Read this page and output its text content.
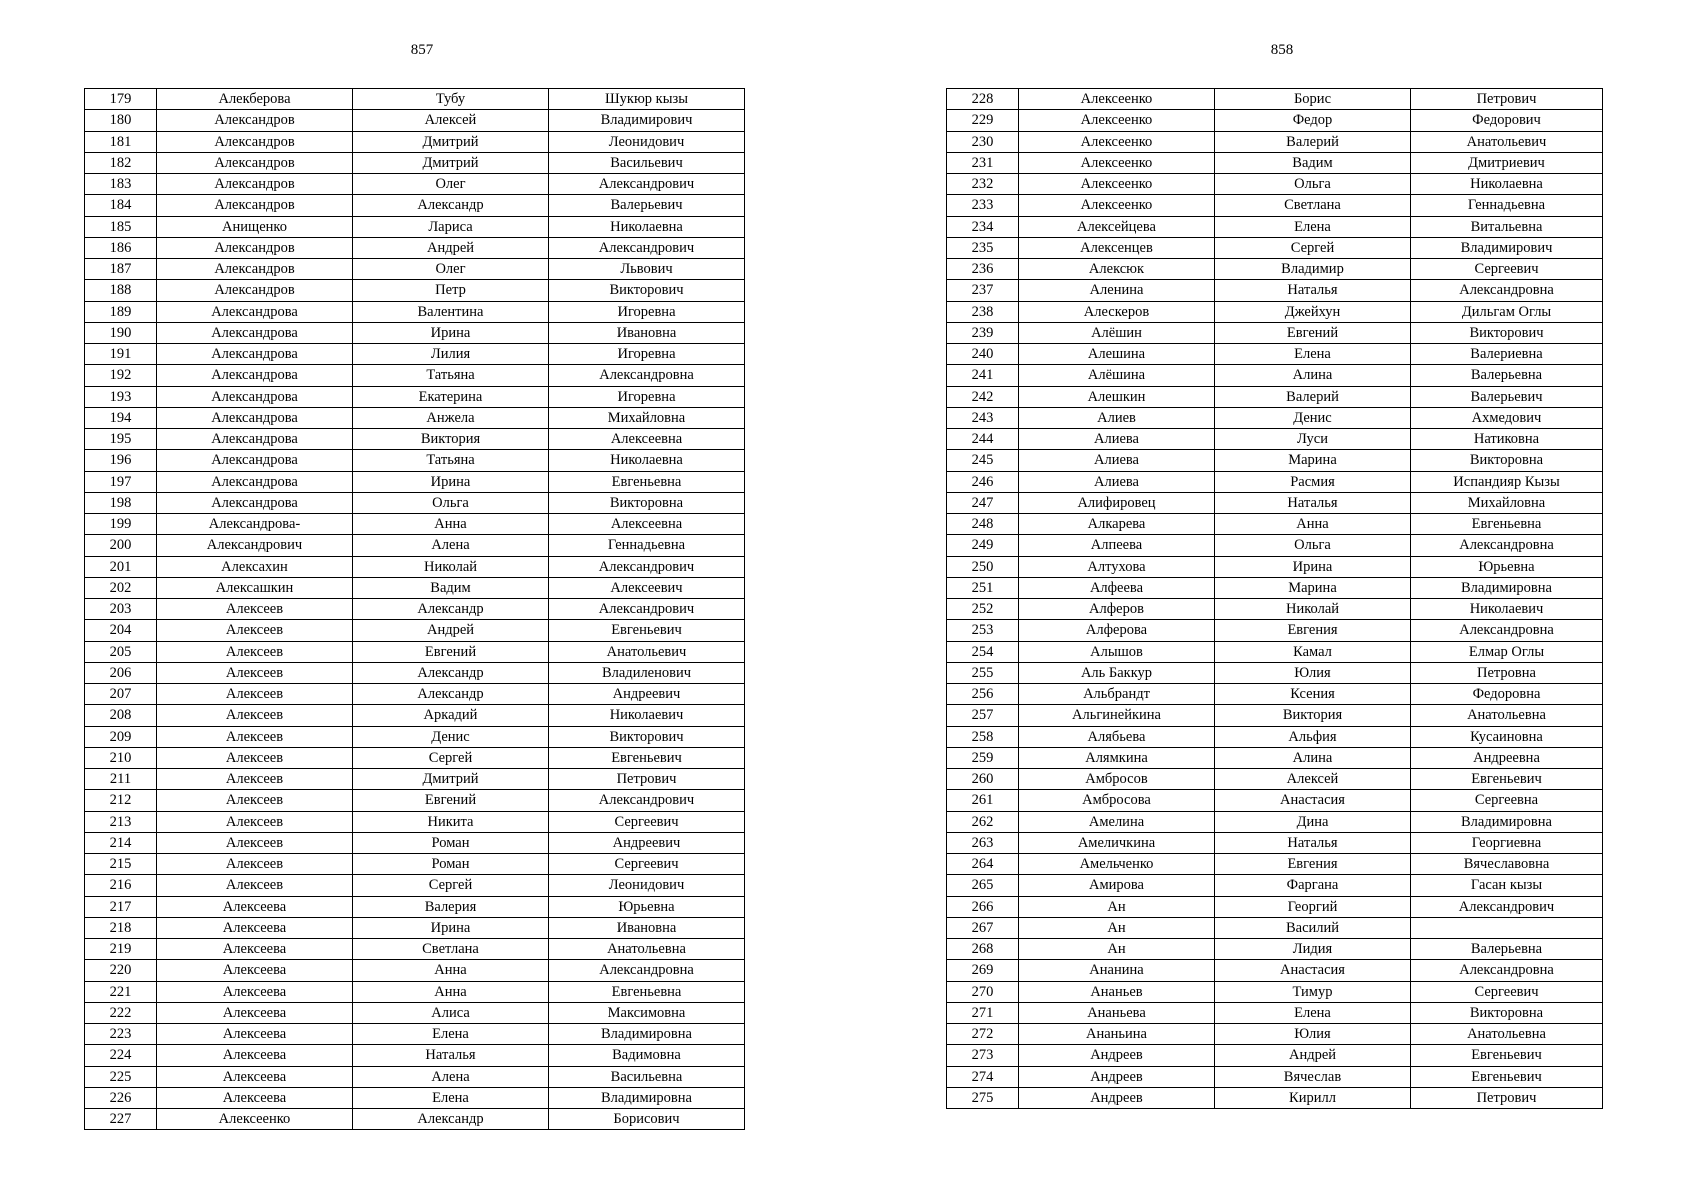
857	858
179	Алекберова	Тубу	Шукюр кызы
180	Александров	Алексей	Владимирович
181	Александров	Дмитрий	Леонидович
182	Александров	Дмитрий	Васильевич
183	Александров	Олег	Александрович
184	Александров	Александр	Валерьевич
185	Анищенко	Лариса	Николаевна
186	Александров	Андрей	Александрович
187	Александров	Олег	Львович
188	Александров	Петр	Викторович
189	Александрова	Валентина	Игоревна
190	Александрова	Ирина	Ивановна
191	Александрова	Лилия	Игоревна
192	Александрова	Татьяна	Александровна
193	Александрова	Екатерина	Игоревна
194	Александрова	Анжела	Михайловна
195	Александрова	Виктория	Алексеевна
196	Александрова	Татьяна	Николаевна
197	Александрова	Ирина	Евгеньевна
198	Александрова	Ольга	Викторовна
199	Александрова-	Анна	Алексеевна
200	Александрович	Алена	Геннадьевна
201	Алексахин	Николай	Александрович
202	Алексашкин	Вадим	Алексеевич
203	Алексеев	Александр	Александрович
204	Алексеев	Андрей	Евгеньевич
205	Алексеев	Евгений	Анатольевич
206	Алексеев	Александр	Владиленович
207	Алексеев	Александр	Андреевич
208	Алексеев	Аркадий	Николаевич
209	Алексеев	Денис	Викторович
210	Алексеев	Сергей	Евгеньевич
211	Алексеев	Дмитрий	Петрович
212	Алексеев	Евгений	Александрович
213	Алексеев	Никита	Сергеевич
214	Алексеев	Роман	Андреевич
215	Алексеев	Роман	Сергеевич
216	Алексеев	Сергей	Леонидович
217	Алексеева	Валерия	Юрьевна
218	Алексеева	Ирина	Ивановна
219	Алексеева	Светлана	Анатольевна
220	Алексеева	Анна	Александровна
221	Алексеева	Анна	Евгеньевна
222	Алексеева	Алиса	Максимовна
223	Алексеева	Елена	Владимировна
224	Алексеева	Наталья	Вадимовна
225	Алексеева	Алена	Васильевна
226	Алексеева	Елена	Владимировна
227	Алексеенко	Александр	Борисович
228	Алексеенко	Борис	Петрович
229	Алексеенко	Федор	Федорович
230	Алексеенко	Валерий	Анатольевич
231	Алексеенко	Вадим	Дмитриевич
232	Алексеенко	Ольга	Николаевна
233	Алексеенко	Светлана	Геннадьевна
234	Алексейцева	Елена	Витальевна
235	Алексенцев	Сергей	Владимирович
236	Алексюк	Владимир	Сергеевич
237	Аленина	Наталья	Александровна
238	Алескеров	Джейхун	Дильгам Оглы
239	Алёшин	Евгений	Викторович
240	Алешина	Елена	Валериевна
241	Алёшина	Алина	Валерьевна
242	Алешкин	Валерий	Валерьевич
243	Алиев	Денис	Ахмедович
244	Алиева	Луси	Натиковна
245	Алиева	Марина	Викторовна
246	Алиева	Расмия	Испандияр Кызы
247	Алифировец	Наталья	Михайловна
248	Алкарева	Анна	Евгеньевна
249	Алпеева	Ольга	Александровна
250	Алтухова	Ирина	Юрьевна
251	Алфеева	Марина	Владимировна
252	Алферов	Николай	Николаевич
253	Алферова	Евгения	Александровна
254	Алышов	Камал	Елмар Оглы
255	Аль Баккур	Юлия	Петровна
256	Альбрандт	Ксения	Федоровна
257	Альгинейкина	Виктория	Анатольевна
258	Алябьева	Альфия	Кусаиновна
259	Алямкина	Алина	Андреевна
260	Амбросов	Алексей	Евгеньевич
261	Амбросова	Анастасия	Сергеевна
262	Амелина	Дина	Владимировна
263	Амеличкина	Наталья	Георгиевна
264	Амельченко	Евгения	Вячеславовна
265	Амирова	Фаргана	Гасан кызы
266	Ан	Георгий	Александрович
267	Ан	Василий	
268	Ан	Лидия	Валерьевна
269	Ананина	Анастасия	Александровна
270	Ананьев	Тимур	Сергеевич
271	Ананьева	Елена	Викторовна
272	Ананьина	Юлия	Анатольевна
273	Андреев	Андрей	Евгеньевич
274	Андреев	Вячеслав	Евгеньевич
275	Андреев	Кирилл	Петрович
